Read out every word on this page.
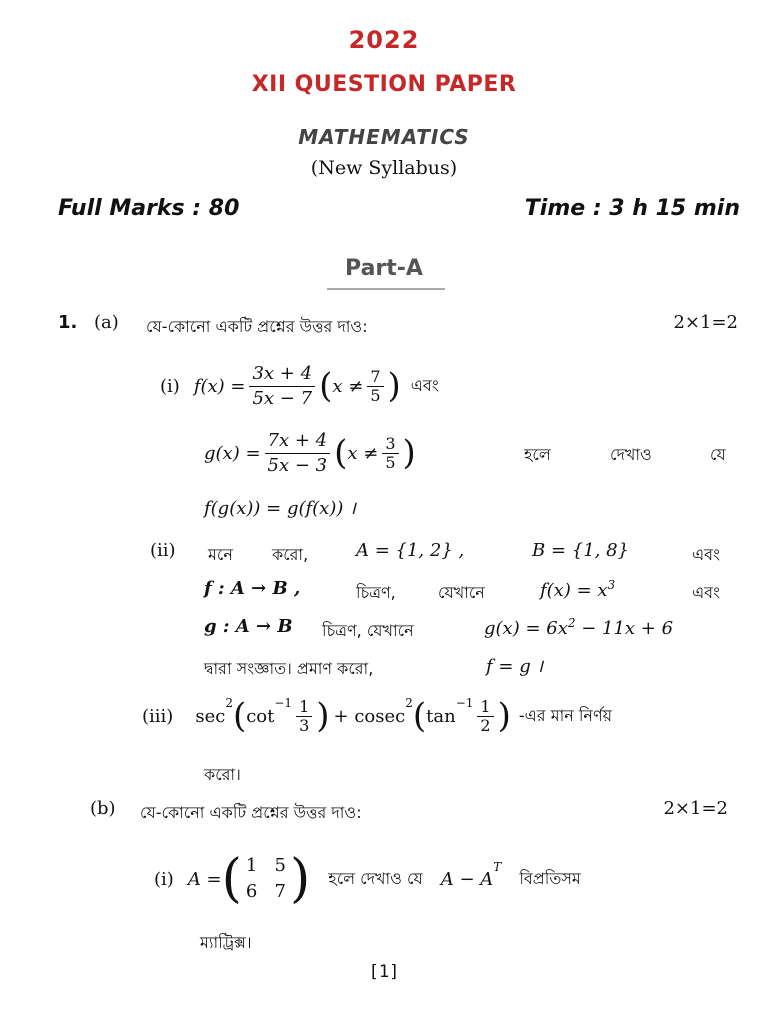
2022
XII QUESTION PAPER
MATHEMATICS
(New Syllabus)
Full Marks : 80	Time : 3 h 15 min
Part-A
1. (a) যে-কোনো একটি প্রশ্নের উত্তর দাও:	2×1=2
(i) $f(x) = \frac{3x + 4}{5x - 7}$ ( $x \ne \frac{7}{5}$ ) এবং
$g(x) = \frac{7x + 4}{5x - 3}$ ( $x \ne \frac{3}{5}$ )	হলে	দেখাও	যে
f(g(x)) = g(f(x)) ।
(ii) মনে করো,	A = {1, 2} ,	B = {1, 8}	এবং
f : A → B ,	চিত্রণ,	যেখানে	$f(x) = x^3$	এবং
g : A → B চিত্রণ, যেখানে	$g(x) = 6x^2 - 11x + 6$
দ্বারা সংজ্ঞাত। প্রমাণ করো,	f = g ।
(iii) sec
$^2$ ( cot
$^{-1} \frac{1}{3}$ ) + cosec
$^2$ ( tan
$^{-1} \frac{1}{2}$ ) -এর মান নির্ণয়
করো।
(b) যে-কোনো একটি প্রশ্নের উত্তর দাও:	2×1=2
(i) A = ( 1   5
6   7 ) হলে দেখাও যে A − A
$^T$
বিপ্রতিসম
ম্যাট্রিক্স।
[1]
